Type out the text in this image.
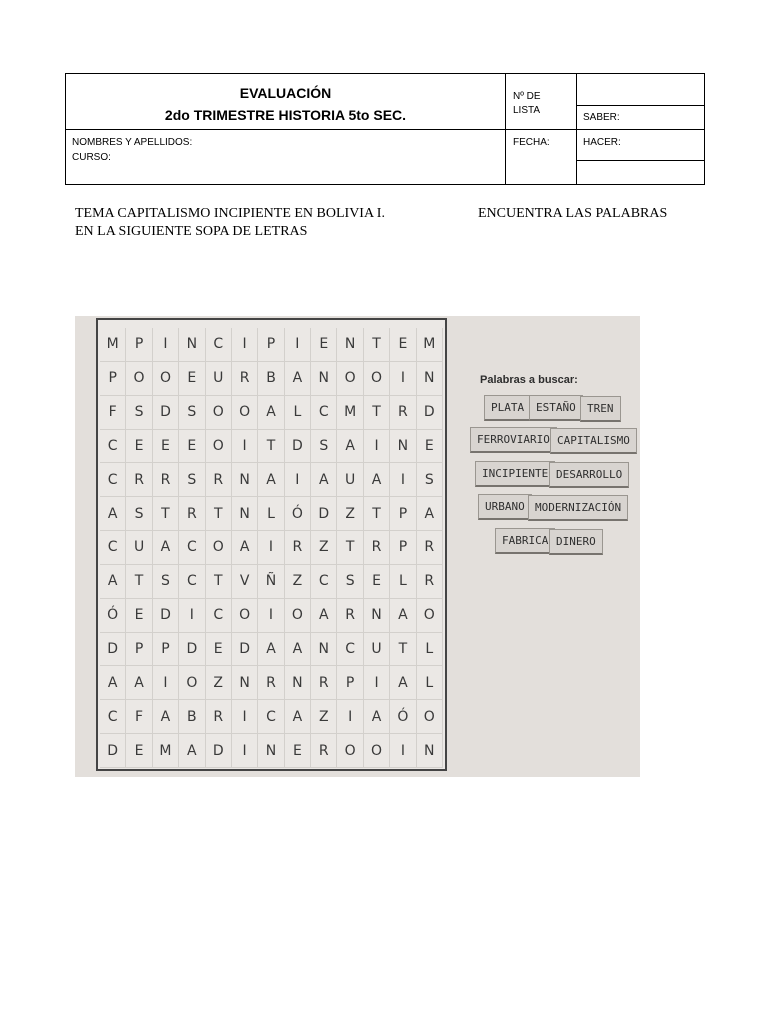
EVALUACIÓN
2do TRIMESTRE HISTORIA 5to SEC.
Nº DE
LISTA
SABER:
NOMBRES Y APELLIDOS:
CURSO:
FECHA:	HACER:
TEMA CAPITALISMO INCIPIENTE EN BOLIVIA I.	ENCUENTRA LAS PALABRAS
EN LA SIGUIENTE SOPA DE LETRAS
M	P	I	N	C	I	P	I	E	N	T	E	M
P	O	O	E	U	R	B	A	N	O	O	I	N
F	S	D	S	O	O	A	L	C	M	T	R	D
C	E	E	E	O	I	T	D	S	A	I	N	E
C	R	R	S	R	N	A	I	A	U	A	I	S
A	S	T	R	T	N	L	Ó	D	Z	T	P	A
C	U	A	C	O	A	I	R	Z	T	R	P	R
A	T	S	C	T	V	Ñ	Z	C	S	E	L	R
Ó	E	D	I	C	O	I	O	A	R	N	A	O
D	P	P	D	E	D	A	A	N	C	U	T	L
A	A	I	O	Z	N	R	N	R	P	I	A	L
C	F	A	B	R	I	C	A	Z	I	A	Ó	O
D	E	M	A	D	I	N	E	R	O	O	I	N
Palabras a buscar:
PLATA	ESTAÑO	TREN
FERROVIARIO CAPITALISMO
INCIPIENTE DESARROLLO
URBANO MODERNIZACIÓN
FABRICA DINERO
